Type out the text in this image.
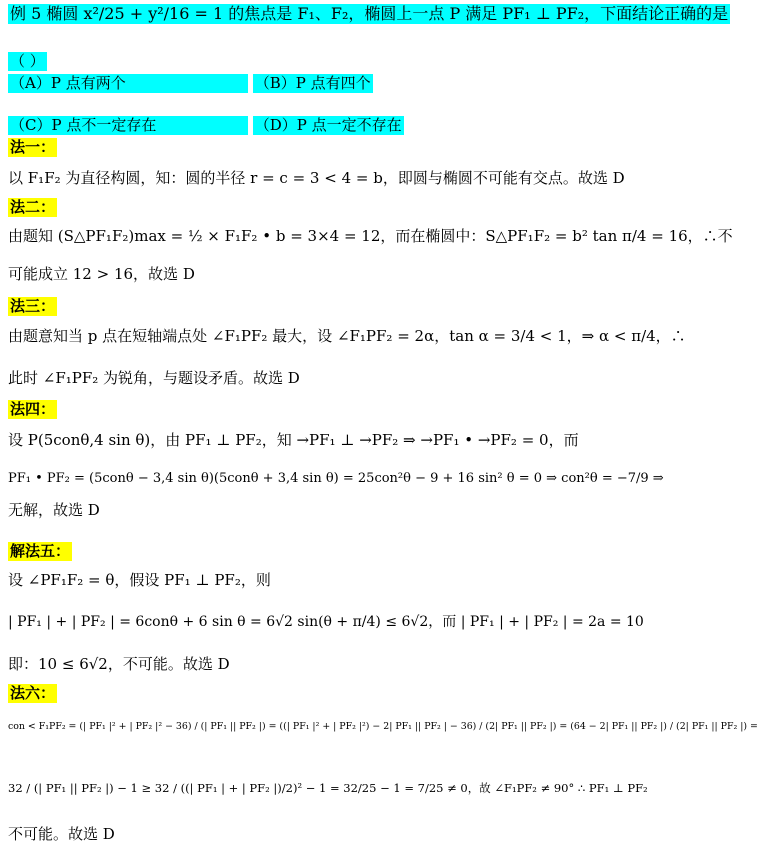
例 5 椭圆 x²/25 + y²/16 = 1 的焦点是 F₁、F₂，椭圆上一点 P 满足 PF₁ ⊥ PF₂，下面结论正确的是
（ ）
（A）P 点有两个	（B）P 点有四个
（C）P 点不一定存在	（D）P 点一定不存在
法一：
以 F₁F₂ 为直径构圆，知：圆的半径 r = c = 3 < 4 = b，即圆与椭圆不可能有交点。故选 D
法二：
由题知 (S△PF₁F₂)max = ½ × F₁F₂ • b = 3×4 = 12，而在椭圆中：S△PF₁F₂ = b² tan π/4 = 16，∴不
可能成立 12 > 16，故选 D
法三：
由题意知当 p 点在短轴端点处 ∠F₁PF₂ 最大，设 ∠F₁PF₂ = 2α，tan α = 3/4 < 1，⇒ α < π/4，∴
此时 ∠F₁PF₂ 为锐角，与题设矛盾。故选 D
法四：
设 P(5conθ,4 sin θ)，由 PF₁ ⊥ PF₂，知 →PF₁ ⊥ →PF₂ ⇒ →PF₁ • →PF₂ = 0，而
PF₁ • PF₂ = (5conθ − 3,4 sin θ)(5conθ + 3,4 sin θ) = 25con²θ − 9 + 16 sin² θ = 0 ⇒ con²θ = −7/9 ⇒
无解，故选 D
解法五：
设 ∠PF₁F₂ = θ，假设 PF₁ ⊥ PF₂，则
| PF₁ | + | PF₂ | = 6conθ + 6 sin θ = 6√2 sin(θ + π/4) ≤ 6√2，而 | PF₁ | + | PF₂ | = 2a = 10
即：10 ≤ 6√2，不可能。故选 D
法六：
con < F₁PF₂ = (| PF₁ |² + | PF₂ |² − 36) / (| PF₁ || PF₂ |) = ((| PF₁ |² + | PF₂ |²) − 2| PF₁ || PF₂ | − 36) / (2| PF₁ || PF₂ |) = (64 − 2| PF₁ || PF₂ |) / (2| PF₁ || PF₂ |) =
32 / (| PF₁ || PF₂ |) − 1 ≥ 32 / ((| PF₁ | + | PF₂ |)/2)² − 1 = 32/25 − 1 = 7/25 ≠ 0，故 ∠F₁PF₂ ≠ 90° ∴ PF₁ ⊥ PF₂
不可能。故选 D
